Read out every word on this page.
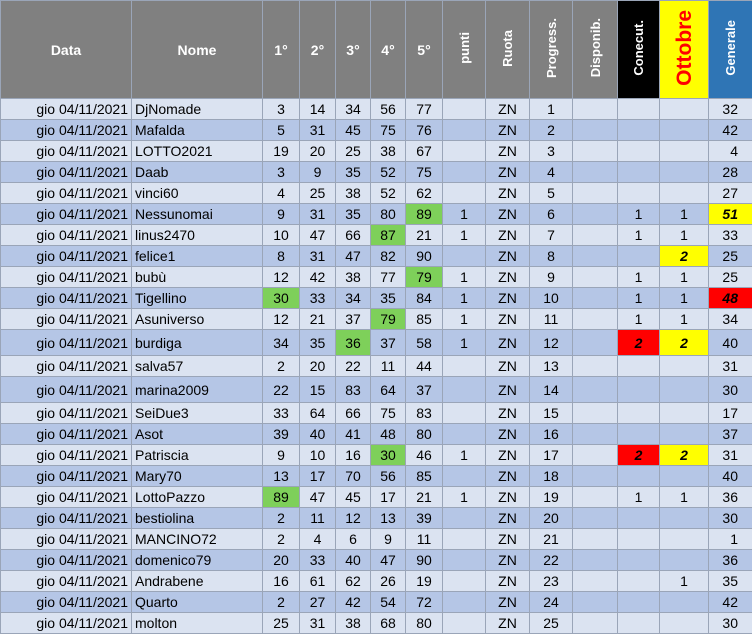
Data	Nome	1°	2°	3°	4°	5°	punti	Ruota	Progress.	Disponib.	Conecut.	Ottobre	Generale
gio 04/11/2021	DjNomade	3	14	34	56	77		ZN	1				32
gio 04/11/2021	Mafalda	5	31	45	75	76		ZN	2				42
gio 04/11/2021	LOTTO2021	19	20	25	38	67		ZN	3				4
gio 04/11/2021	Daab	3	9	35	52	75		ZN	4				28
gio 04/11/2021	vinci60	4	25	38	52	62		ZN	5				27
gio 04/11/2021	Nessunomai	9	31	35	80	89	1	ZN	6		1	1	51
gio 04/11/2021	linus2470	10	47	66	87	21	1	ZN	7		1	1	33
gio 04/11/2021	felice1	8	31	47	82	90		ZN	8			2	25
gio 04/11/2021	bubù	12	42	38	77	79	1	ZN	9		1	1	25
gio 04/11/2021	Tigellino	30	33	34	35	84	1	ZN	10		1	1	48
gio 04/11/2021	Asuniverso	12	21	37	79	85	1	ZN	11		1	1	34
gio 04/11/2021	burdiga	34	35	36	37	58	1	ZN	12		2	2	40
gio 04/11/2021	salva57	2	20	22	11	44		ZN	13				31
gio 04/11/2021	marina2009	22	15	83	64	37		ZN	14				30
gio 04/11/2021	SeiDue3	33	64	66	75	83		ZN	15				17
gio 04/11/2021	Asot	39	40	41	48	80		ZN	16				37
gio 04/11/2021	Patriscia	9	10	16	30	46	1	ZN	17		2	2	31
gio 04/11/2021	Mary70	13	17	70	56	85		ZN	18				40
gio 04/11/2021	LottoPazzo	89	47	45	17	21	1	ZN	19		1	1	36
gio 04/11/2021	bestiolina	2	11	12	13	39		ZN	20				30
gio 04/11/2021	MANCINO72	2	4	6	9	11		ZN	21				1
gio 04/11/2021	domenico79	20	33	40	47	90		ZN	22				36
gio 04/11/2021	Andrabene	16	61	62	26	19		ZN	23			1	35
gio 04/11/2021	Quarto	2	27	42	54	72		ZN	24				42
gio 04/11/2021	molton	25	31	38	68	80		ZN	25				30
